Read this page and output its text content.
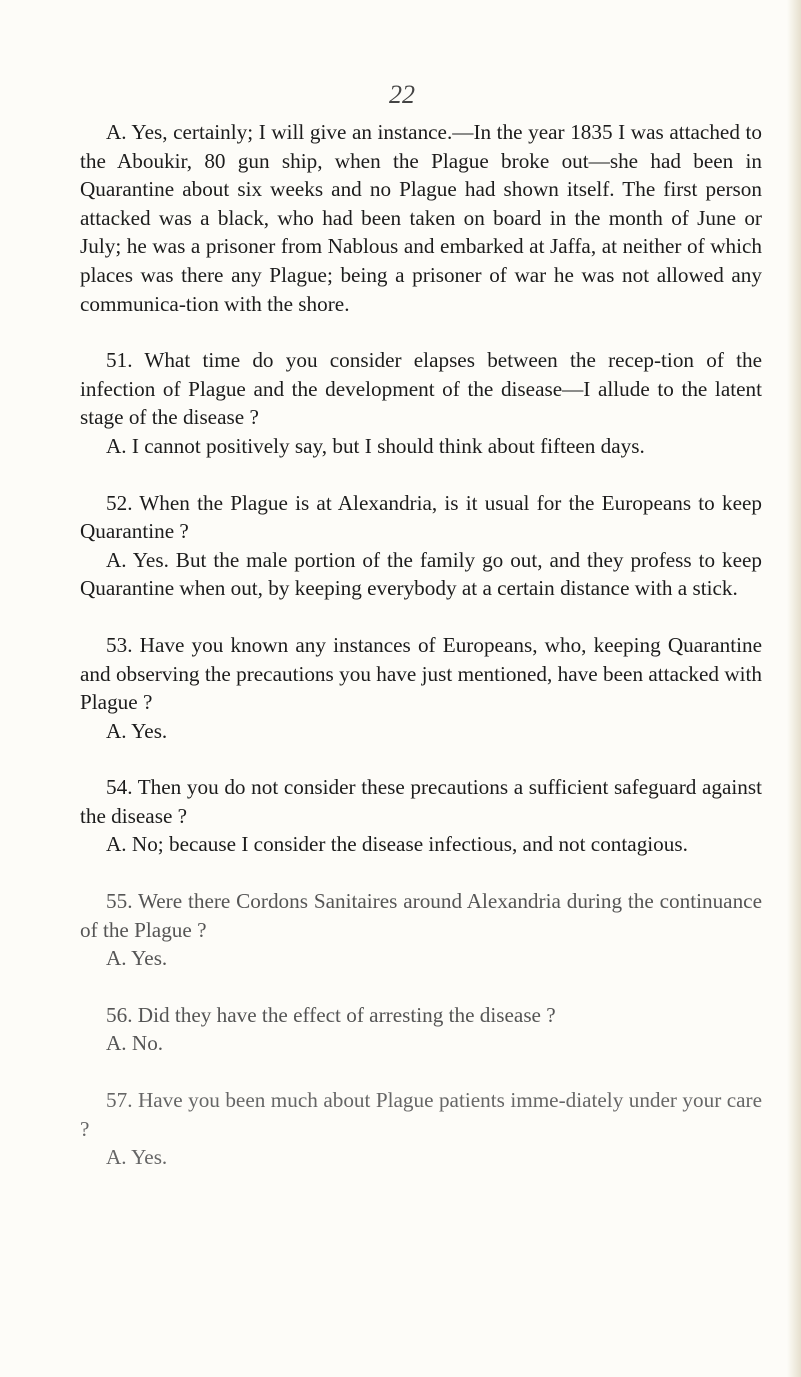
22

A. Yes, certainly; I will give an instance.—In the year 1835 I was attached to the Aboukir, 80 gun ship, when the Plague broke out—she had been in Quarantine about six weeks and no Plague had shown itself. The first person attacked was a black, who had been taken on board in the month of June or July; he was a prisoner from Nablous and embarked at Jaffa, at neither of which places was there any Plague; being a prisoner of war he was not allowed any communica-tion with the shore.

51. What time do you consider elapses between the recep-tion of the infection of Plague and the development of the disease—I allude to the latent stage of the disease ?

A. I cannot positively say, but I should think about fifteen days.

52. When the Plague is at Alexandria, is it usual for the Europeans to keep Quarantine ?

A. Yes. But the male portion of the family go out, and they profess to keep Quarantine when out, by keeping everybody at a certain distance with a stick.

53. Have you known any instances of Europeans, who, keeping Quarantine and observing the precautions you have just mentioned, have been attacked with Plague ?

A. Yes.

54. Then you do not consider these precautions a sufficient safeguard against the disease ?

A. No; because I consider the disease infectious, and not contagious.

55. Were there Cordons Sanitaires around Alexandria during the continuance of the Plague ?

A. Yes.

56. Did they have the effect of arresting the disease ?

A. No.

57. Have you been much about Plague patients imme-diately under your care ?

A. Yes.
